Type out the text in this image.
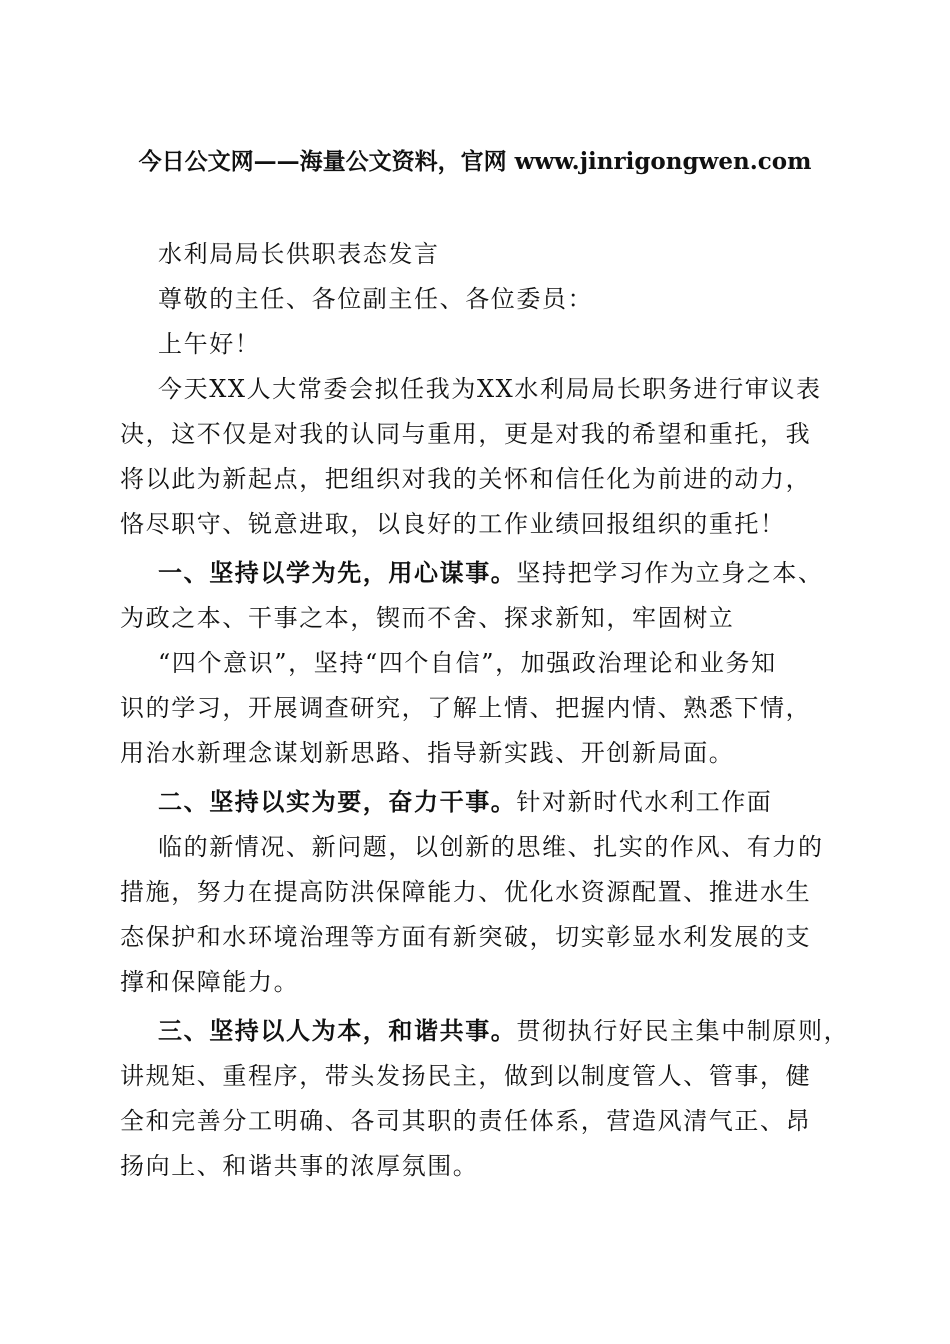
今日公文网——海量公文资料，官网 www.jinrigongwen.com
水利局局长供职表态发言
尊敬的主任、各位副主任、各位委员：
上午好！
今天XX人大常委会拟任我为XX水利局局长职务进行审议表
决，这不仅是对我的认同与重用，更是对我的希望和重托，我
将以此为新起点，把组织对我的关怀和信任化为前进的动力，
恪尽职守、锐意进取，以良好的工作业绩回报组织的重托！
一、坚持以学为先，用心谋事。坚持把学习作为立身之本、
为政之本、干事之本，锲而不舍、探求新知，牢固树立
“四个意识”，坚持“四个自信”，加强政治理论和业务知
识的学习，开展调查研究，了解上情、把握内情、熟悉下情，
用治水新理念谋划新思路、指导新实践、开创新局面。
二、坚持以实为要，奋力干事。针对新时代水利工作面
临的新情况、新问题，以创新的思维、扎实的作风、有力的
措施，努力在提高防洪保障能力、优化水资源配置、推进水生
态保护和水环境治理等方面有新突破，切实彰显水利发展的支
撑和保障能力。
三、坚持以人为本，和谐共事。贯彻执行好民主集中制原则，
讲规矩、重程序，带头发扬民主，做到以制度管人、管事，健
全和完善分工明确、各司其职的责任体系，营造风清气正、昂
扬向上、和谐共事的浓厚氛围。
